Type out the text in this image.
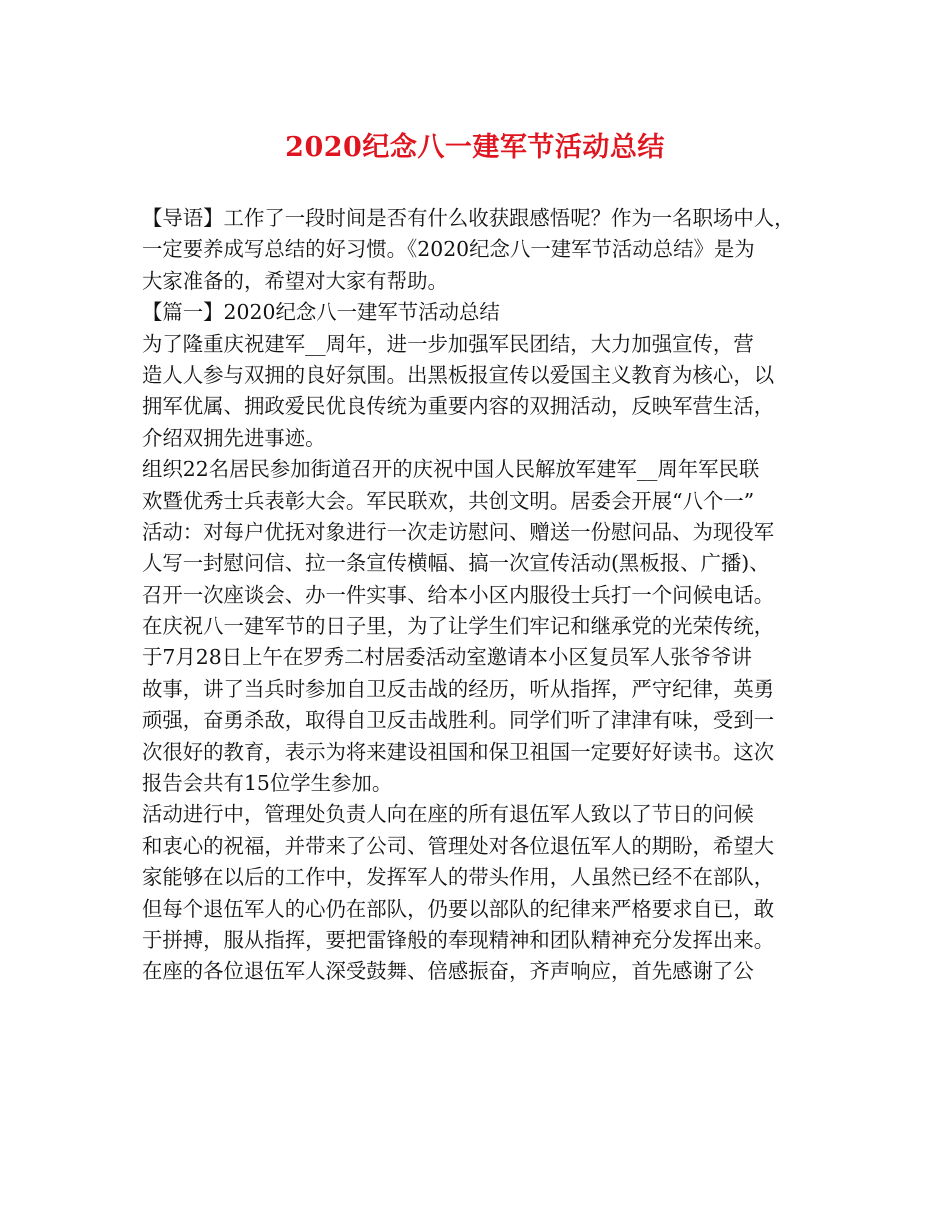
2020纪念八一建军节活动总结
【导语】工作了一段时间是否有什么收获跟感悟呢？作为一名职场中人，
一定要养成写总结的好习惯。《2020纪念八一建军节活动总结》是为
大家准备的，希望对大家有帮助。
【篇一】2020纪念八一建军节活动总结
为了隆重庆祝建军__周年，进一步加强军民团结，大力加强宣传，营
造人人参与双拥的良好氛围。出黑板报宣传以爱国主义教育为核心，以
拥军优属、拥政爱民优良传统为重要内容的双拥活动，反映军营生活，
介绍双拥先进事迹。
组织22名居民参加街道召开的庆祝中国人民解放军建军__周年军民联
欢暨优秀士兵表彰大会。军民联欢，共创文明。居委会开展“八个一”
活动：对每户优抚对象进行一次走访慰问、赠送一份慰问品、为现役军
人写一封慰问信、拉一条宣传横幅、搞一次宣传活动(黑板报、广播)、
召开一次座谈会、办一件实事、给本小区内服役士兵打一个问候电话。
在庆祝八一建军节的日子里，为了让学生们牢记和继承党的光荣传统，
于7月28日上午在罗秀二村居委活动室邀请本小区复员军人张爷爷讲
故事，讲了当兵时参加自卫反击战的经历，听从指挥，严守纪律，英勇
顽强，奋勇杀敌，取得自卫反击战胜利。同学们听了津津有味，受到一
次很好的教育，表示为将来建设祖国和保卫祖国一定要好好读书。这次
报告会共有15位学生参加。
活动进行中，管理处负责人向在座的所有退伍军人致以了节日的问候
和衷心的祝福，并带来了公司、管理处对各位退伍军人的期盼，希望大
家能够在以后的工作中，发挥军人的带头作用，人虽然已经不在部队，
但每个退伍军人的心仍在部队，仍要以部队的纪律来严格要求自已，敢
于拼搏，服从指挥，要把雷锋般的奉现精神和团队精神充分发挥出来。
在座的各位退伍军人深受鼓舞、倍感振奋，齐声响应，首先感谢了公
